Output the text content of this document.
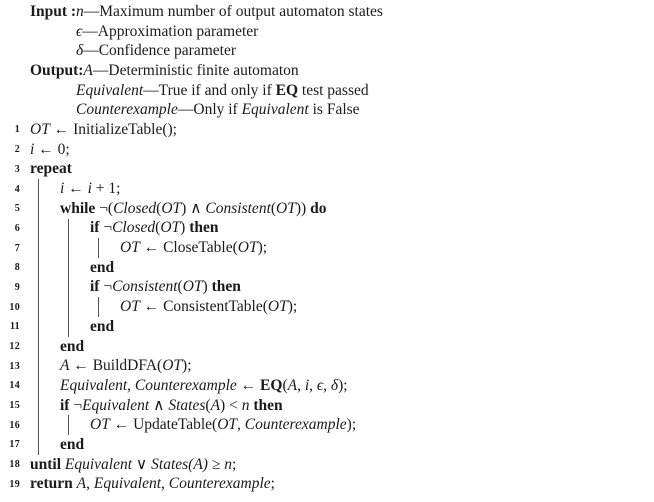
Input : n—Maximum number of output automaton states
ϵ—Approximation parameter
δ—Confidence parameter
Output: A—Deterministic finite automaton
Equivalent—True if and only if EQ test passed
Counterexample—Only if Equivalent is False
1 OT ← InitializeTable();
2 i ← 0;
3 repeat
4	i ← i + 1;
5	while ¬(Closed(OT) ∧ Consistent(OT)) do
6	if ¬Closed(OT) then
7	OT ← CloseTable(OT);
8	end
9	if ¬Consistent(OT) then
10	OT ← ConsistentTable(OT);
11	end
12	end
13	A ← BuildDFA(OT);
14	Equivalent, Counterexample ← EQ(A, i, ϵ, δ);
15	if ¬Equivalent ∧ States(A) < n then
16	OT ← UpdateTable(OT, Counterexample);
17	end
18 until Equivalent ∨ States(A) ≥ n;
19 return A, Equivalent, Counterexample;
